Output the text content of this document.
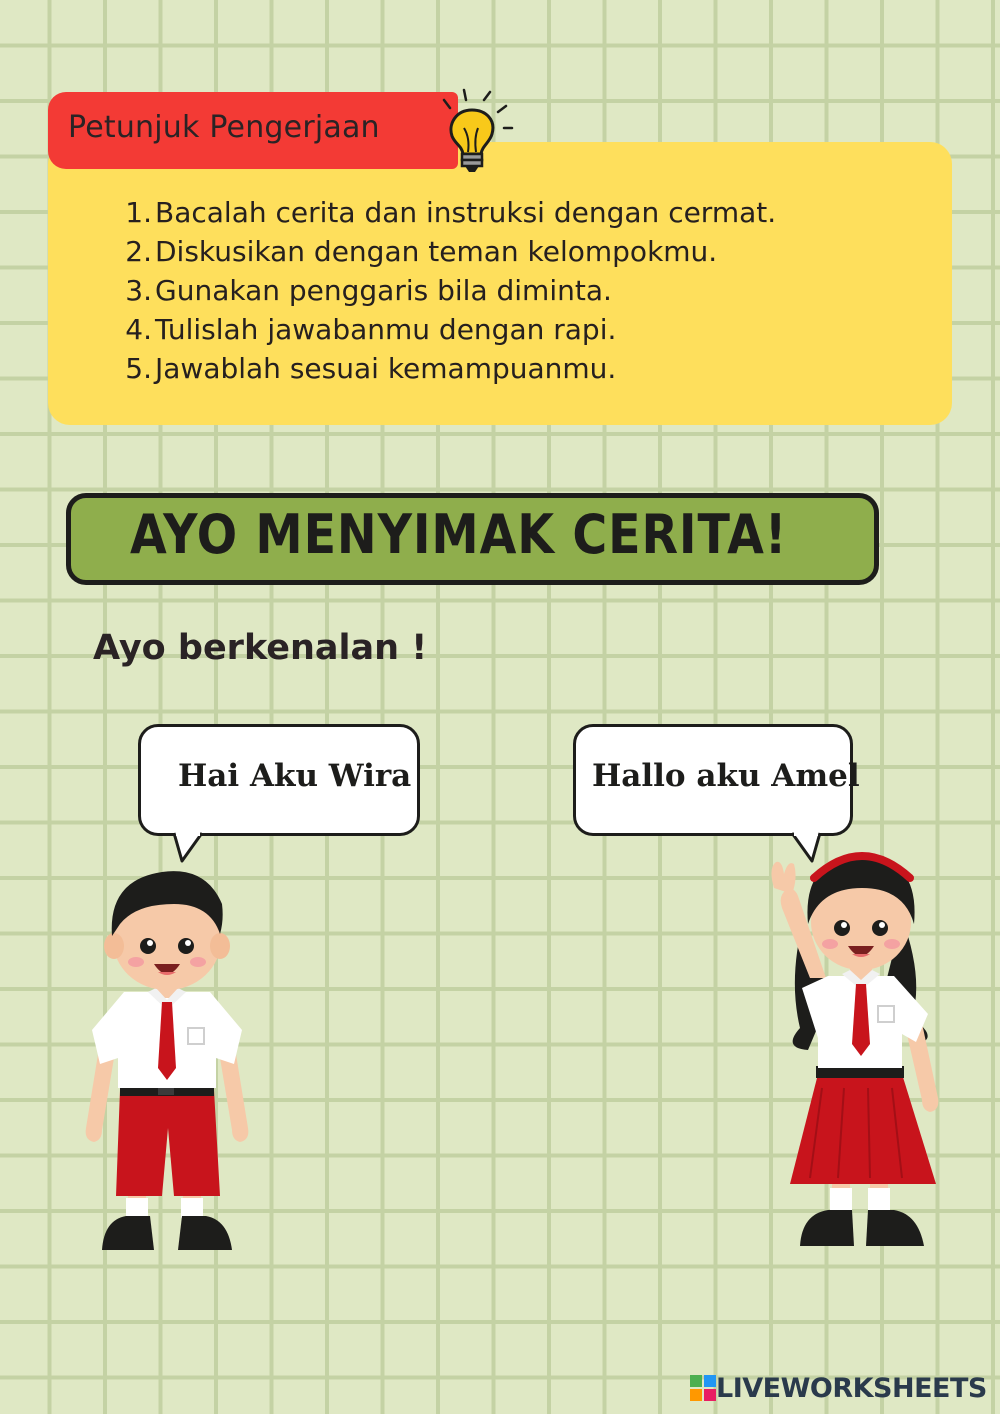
Petunjuk Pengerjaan
1. Bacalah cerita dan instruksi dengan cermat.
2. Diskusikan dengan teman kelompokmu.
3. Gunakan penggaris bila diminta.
4. Tulislah jawabanmu dengan rapi.
5. Jawablah sesuai kemampuanmu.
AYO MENYIMAK CERITA!
Ayo berkenalan !
Hai Aku Wira	Hallo aku Amel
LIVEWORKSHEETS
